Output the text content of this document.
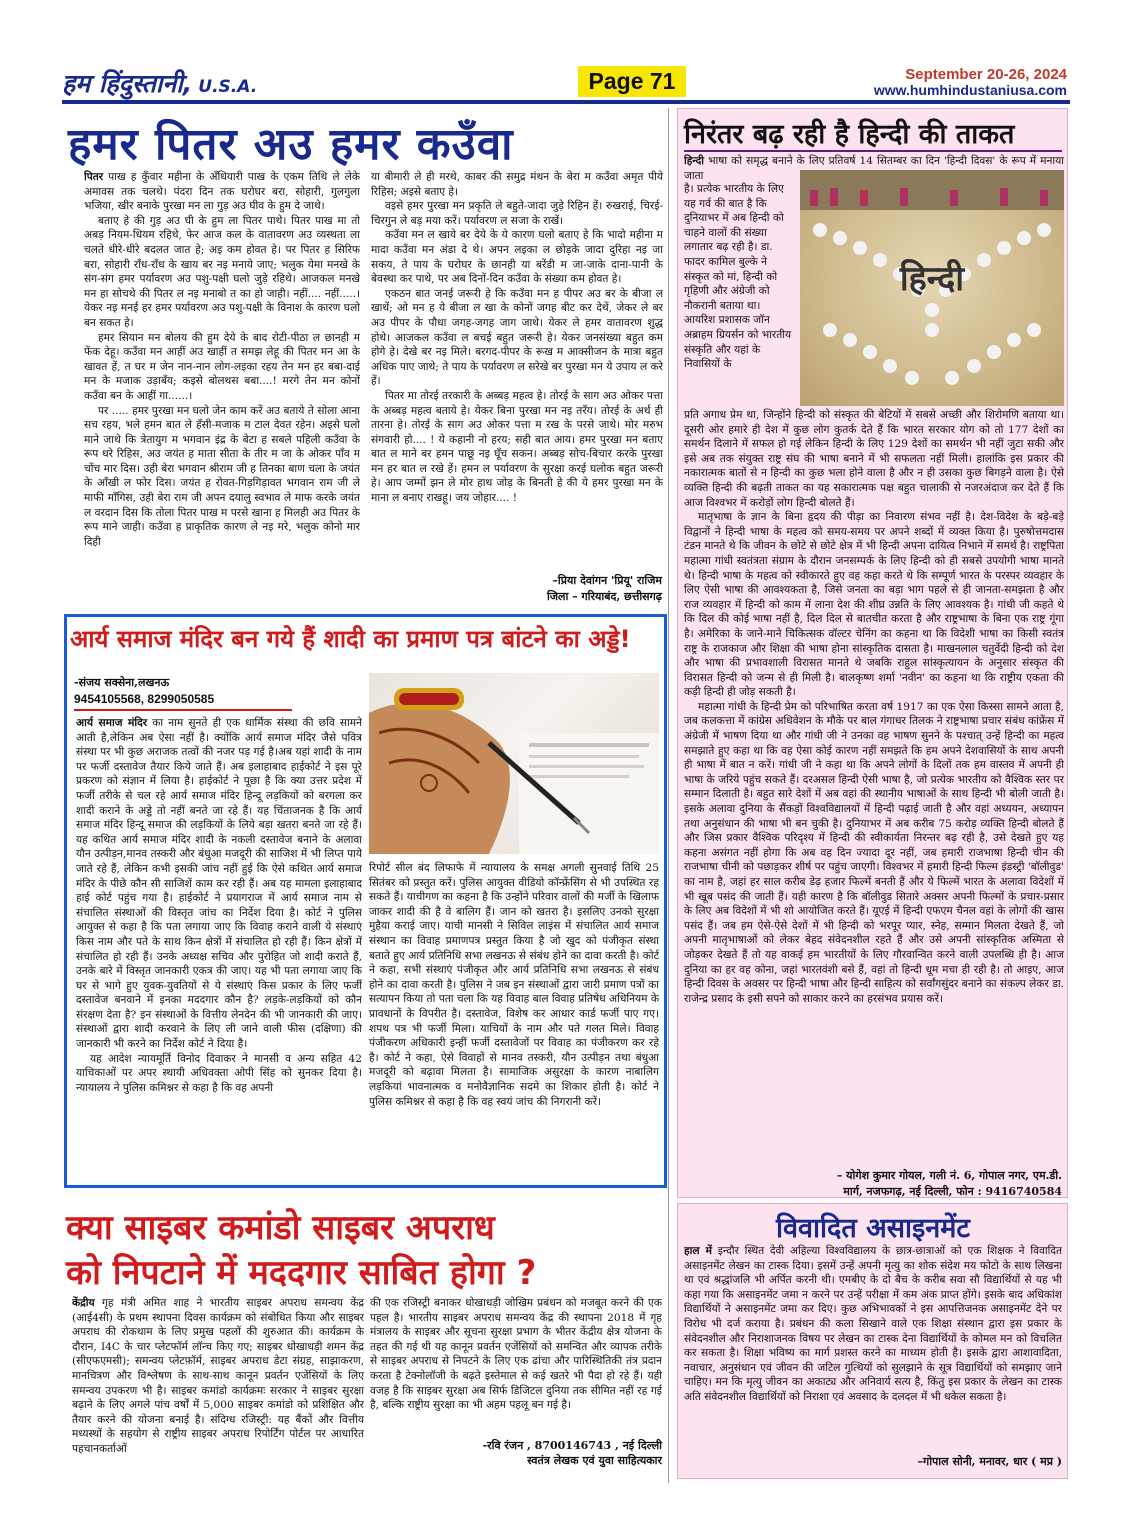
हम हिंदुस्तानी, U.S.A.	Page 71	September 20-26, 2024
www.humhindustaniusa.com
हमर पितर अउ हमर कउँवा

पितर पाख ह कुँवार महीना के अँधियारी पाख के एकम तिथि ले लेके अमावस तक चलथे। पंदरा दिन तक घरोघर बरा, सोहारी, गुलगुला भजिया, खीर बनाके पुरखा मन ला गुड़ अउ घीव के हुम दे जाथे।

बताए हे की गुड़ अउ घी के हुम ला पितर पाथे। पितर पाख मा तो अबड़ नियम-धियम रहिथे, फेर आज कल के वातावरण अउ व्यस्थता ला चलते धीरे-धीरे बदलत जात हे; अइ कम होवत हे। पर पितर ह सिरिफ बरा, सोहारी राँध-राँध के खाय बर नइ मनाये जाए; भलुक येमा मनखे के संग-संग हमर पर्यावरण अउ पशु-पक्षी घलो जुड़े रहिथे। आजकल मनखे मन हा सोचथे की पितर ल नइ मनाबो त का हो जाही। नहीं.... नहीं.....। येकर नइ मनई हर हमर पर्यावरण अउ पशु-पक्षी के विनाश के कारण घलो बन सकत हे।

हमर सियान मन बोलय की हुम देये के बाद रोटी-पीठा ल छानही म फेंक देहू। कउँवा मन आहीं अउ खाहीं त समझ लेहू की पितर मन आ के खावत हें, त घर म जेन नान-नान लोग-लइका रहय तेन मन हर बबा-दाई मन के मजाक उड़ाबँय; कइसे बोलथस बबा....! मरगे तेन मन कोनों कउँवा बन के आहीं गा......।

पर ..... हमर पुरखा मन घलो जेन काम करें अउ बताये ते सोला आना सच रहय, भले हमन बात ले हँसी-मजाक म टाल देवत रहेन। अइसे घलो माने जाथे कि त्रेतायुग म भगवान इंद्र के बेटा ह सबले पहिली कउँवा के रूप धरे रिहिस, अउ जयंत ह माता सीता के तीर म जा के ओकर पाँव म चोंच मार दिस। उही बेरा भगवान श्रीराम जी ह तिनका बाण चला के जयंत के आँखी ल फोर दिस। जयंत ह रोवत-गिड़गिड़ावत भगवान राम जी ले माफी माँगिस, उही बेरा राम जी अपन दयालु स्वभाव ले माफ करके जयंत ल वरदान दिस कि तोला पितर पाख म परसे खाना ह मिलही अउ पितर के रूप माने जाही। कउँवा ह प्राकृतिक कारण ले नइ मरे, भलुक कोनो मार दिही

या बीमारी ले ही मरथे, काबर की समुद्र मंथन के बेरा म कउँवा अमृत पीये रिहिस; अइसे बताए हे।

वइसे हमर पुरखा मन प्रकृति ले बहुते-जादा जुड़े रिहिन हें। रुखराई, चिरई-चिरगुन ले बड़ मया करें। पर्यावरण ल सजा के राखें।

कउँवा मन ल खाये बर देये के ये कारण घलो बताए हे कि भादो महीना म मादा कउँवा मन अंडा दे थे। अपन लइका ल छोड़के जादा दुरिहा नइ जा सकय, ते पाय के घरोघर के छानही या बरेंडी म जा-जाके दाना-पानी के बेवस्था कर पाथे, पर अब दिनों-दिन कउँवा के संख्या कम होवत हे।

एकठन बात जनई जरूरी हे कि कउँवा मन ह पीपर अउ बर के बीजा ल खाथें; ओ मन ह ये बीजा ल खा के कोनों जगह बीट कर देथें, जेकर ले बर अउ पीपर के पौधा जगह-जगह जाग जाथे। येकर ले हमर वातावरण शुद्ध होथे। आजकल कउँवा ल बचई बहुत जरूरी हे। येकर जनसंख्या बहुत कम होगे हे। देखे बर नइ मिले। बरगद-पीपर के रूख म आक्सीजन के मात्रा बहुत अधिक पाए जाथे; ते पाय के पर्यावरण ल सरेखे बर पुरखा मन ये उपाय ल करे हें।

पितर मा तोरई तरकारी के अब्बड़ महत्व हे। तोरई के साग अउ ओकर पत्ता के अब्बड़ महत्व बताये हे। येकर बिना पुरखा मन नइ तरँय। तोरई के अर्थ ही तारना हे। तोरई के साग अउ ओकर पत्ता म रख के परसे जाथे। मोर मरुभ संगवारी हो.... ! ये कहानी नो हरय; सही बात आय। हमर पुरखा मन बताए बात ल माने बर हमन पाछू नइ घूँच सकन। अब्बड़ सोच-बिचार करके पुरखा मन हर बात ल रखे हें। हमन ल पर्यावरण के सुरक्षा करई घलोक बहुत जरूरी हे। आप जम्मों झन ले मोर हाथ जोड़ के बिनती हे की ये हमर पुरखा मन के माना ल बनाए राखहू। जय जोहार.... !

–प्रिया देवांगन 'प्रियू' राजिम
जिला – गरियाबंद, छत्तीसगढ़
आर्य समाज मंदिर बन गये हैं शादी का प्रमाण पत्र बांटने का अड्डे!
-संजय सक्सेना,लखनऊ
9454105568, 8299050585

आर्य समाज मंदिर का नाम सुनते ही एक धार्मिक संस्था की छवि सामने आती है,लेकिन अब ऐसा नहीं है। क्योंकि आर्य समाज मंदिर जैसे पवित्र संस्था पर भी कुछ अराजक तत्वों की नजर पड़ गई है।अब यहां शादी के नाम पर फर्जी दस्तावेज तैयार किये जाते हैं। अब इलाहाबाद हाईकोर्ट ने इस पूरे प्रकरण को संज्ञान में लिया है। हाईकोर्ट ने पूछा है कि क्या उत्तर प्रदेश में फर्जी तरीके से चल रहे आर्य समाज मंदिर हिन्दू लड़कियों को बरगला कर शादी कराने के अड्डे तो नहीं बनते जा रहे हैं। यह चिंताजनक है कि आर्य समाज मंदिर हिन्दू समाज की लड़कियों के लिये बड़ा खतरा बनते जा रहे हैं। यह कथित आर्य समाज मंदिर शादी के नकली दस्तावेज बनाने के अलावा यौन उत्पीड़न,मानव तस्करी और बंधुआ मजदूरी की साजिश में भी लिप्त पाये जाते रहे हैं, लेकिन कभी इसकी जांच नहीं हुई कि ऐसे कथित आर्य समाज मंदिर के पीछे कौन सी साजिशें काम कर रही हैं। अब यह मामला इलाहाबाद हाई कोर्ट पहुंच गया है। हाईकोर्ट ने प्रयागराज में आर्य समाज नाम से संचालित संस्थाओं की विस्तृत जांच का निर्देश दिया है। कोर्ट ने पुलिस आयुक्त से कहा है कि पता लगाया जाए कि विवाह कराने वाली ये संस्थाएं किस नाम और पते के साथ किन क्षेत्रों में संचालित हो रही हैं। किन क्षेत्रों में संचालित हो रही हैं। उनके अध्यक्ष सचिव और पुरोहित जो शादी कराते हैं, उनके बारे में विस्तृत जानकारी एकत्र की जाए। यह भी पता लगाया जाए कि घर से भागे हुए युवक-युवतियों से ये संस्थाएं किस प्रकार के लिए फर्जी दस्तावेज बनवाने में इनका मददगार कौन है? लड़के-लड़कियों को कौन संरक्षण देता है? इन संस्थाओं के वित्तीय लेनदेन की भी जानकारी की जाए। संस्थाओं द्वारा शादी करवाने के लिए ली जाने वाली फीस (दक्षिणा) की जानकारी भी करने का निर्देश कोर्ट ने दिया है।

यह आदेश न्यायमूर्ति विनोद दिवाकर ने मानसी व अन्य सहित 42 याचिकाओं पर अपर स्थायी अधिवक्ता ओपी सिंह को सुनकर दिया है। न्यायालय ने पुलिस कमिश्नर से कहा है कि वह अपनी

रिपोर्ट सील बंद लिफाफे में न्यायालय के समक्ष अगली सुनवाई तिथि 25 सितंबर को प्रस्तुत करें। पुलिस आयुक्त वीडियो कॉन्फ्रेंसिंग से भी उपस्थित रह सकते हैं। याचीगण का कहना है कि उन्होंने परिवार वालों की मर्जी के खिलाफ जाकर शादी की है वे बालिग हैं। जान को खतरा है। इसलिए उनको सुरक्षा मुहैया कराई जाए। याची मानसी ने सिविल लाइंस में संचालित आर्य समाज संस्थान का विवाह प्रमाणपत्र प्रस्तुत किया है जो खुद को पंजीकृत संस्था बताते हुए आर्य प्रतिनिधि सभा लखनऊ से संबंध होने का दावा करती है। कोर्ट ने कहा, सभी संस्थाएं पंजीकृत और आर्य प्रतिनिधि सभा लखनऊ से संबंध होने का दावा करती है। पुलिस ने जब इन संस्थाओं द्वारा जारी प्रमाण पत्रों का सत्यापन किया तो पता चला कि यह विवाह बाल विवाह प्रतिषेध अधिनियम के प्रावधानों के विपरीत है। दस्तावेज, विशेष कर आधार कार्ड फर्जी पाए गए। शपथ पत्र भी फर्जी मिला। याचियों के नाम और पते गलत मिले। विवाह पंजीकरण अधिकारी इन्हीं फर्जी दस्तावेजों पर विवाह का पंजीकरण कर रहे है। कोर्ट ने कहा, ऐसे विवाहों से मानव तस्करी, यौन उत्पीड़न तथा बंधुआ मजदूरी को बढ़ावा मिलता है। सामाजिक असुरक्षा के कारण नाबालिग लड़कियां भावनात्मक व मनोवैज्ञानिक सदमे का शिकार होती है। कोर्ट ने पुलिस कमिश्नर से कहा है कि वह स्वयं जांच की निगरानी करें।

क्या साइबर कमांडो साइबर अपराध
को निपटाने में मददगार साबित होगा ?

केंद्रीय गृह मंत्री अमित शाह ने भारतीय साइबर अपराध समन्वय केंद्र (आई4सी) के प्रथम स्थापना दिवस कार्यक्रम को संबोधित किया और साइबर अपराध की रोकथाम के लिए प्रमुख पहलों की शुरुआत की। कार्यक्रम के दौरान, I4C के चार प्लेटफॉर्म लॉन्च किए गए; साइबर धोखाधड़ी शमन केंद्र (सीएफएमसी); समन्वय प्लेटफ़ॉर्म, साइबर अपराध डेटा संग्रह, साझाकरण, मानचित्रण और विश्लेषण के साथ-साथ कानून प्रवर्तन एजेंसियों के लिए समन्वय उपकरण भी है। साइबर कमांडो कार्यक्रमः सरकार ने साइबर सुरक्षा बढ़ाने के लिए अगले पांच वर्षों में 5,000 साइबर कमांडो को प्रशिक्षित और तैयार करने की योजना बनाई है। संदिग्ध रजिस्ट्री: यह बैंकों और वित्तीय मध्यस्थों के सहयोग से राष्ट्रीय साइबर अपराध रिपोर्टिंग पोर्टल पर आधारित पहचानकर्ताओं

की एक रजिस्ट्री बनाकर धोखाधड़ी जोखिम प्रबंधन को मजबूत करने की एक पहल है। भारतीय साइबर अपराध समन्वय केंद्र की स्थापना 2018 में गृह मंत्रालय के साइबर और सूचना सुरक्षा प्रभाग के भीतर केंद्रीय क्षेत्र योजना के तहत की गई थी यह कानून प्रवर्तन एजेंसियों को समन्वित और व्यापक तरीके से साइबर अपराध से निपटने के लिए एक ढांचा और पारिस्थितिकी तंत्र प्रदान करता है टेक्नोलॉजी के बढ़ते इस्तेमाल से कई खतरे भी पैदा हो रहे हैं। यही वजह है कि साइबर सुरक्षा अब सिर्फ डिजिटल दुनिया तक सीमित नहीं रह गई है, बल्कि राष्ट्रीय सुरक्षा का भी अहम पहलू बन गई है।

-रवि रंजन , 8700146743 , नई दिल्ली
स्वतंत्र लेखक एवं युवा साहित्यकार
निरंतर बढ़ रही है हिन्दी की ताकत

हिन्दी भाषा को समृद्ध बनाने के लिए प्रतिवर्ष 14 सितम्बर का दिन 'हिन्दी दिवस' के रूप में मनाया जाता

है। प्रत्येक भारतीय के लिए यह गर्व की बात है कि दुनियाभर में अब हिन्दी को चाहने वालों की संख्या लगातार बढ़ रही है। डा. फादर कामिल बुल्के ने संस्कृत को मां, हिन्दी को गृहिणी और अंग्रेजी को नौकरानी बताया था। आयरिश प्रशासक जॉन अब्राहम ग्रियर्सन को भारतीय संस्कृति और यहां के निवासियों के

हिन्दी

प्रति अगाध प्रेम था, जिन्होंने हिन्दी को संस्कृत की बेटियों में सबसे अच्छी और शिरोमणि बताया था। दूसरी ओर हमारे ही देश में कुछ लोग कुतर्क देते हैं कि भारत सरकार योग को तो 177 देशों का समर्थन दिलाने में सफल हो गई लेकिन हिन्दी के लिए 129 देशों का समर्थन भी नहीं जुटा सकी और इसे अब तक संयुक्त राष्ट्र संघ की भाषा बनाने में भी सफलता नहीं मिली। हालांकि इस प्रकार की नकारात्मक बातों से न हिन्दी का कुछ भला होने वाला है और न ही उसका कुछ बिगड़ने वाला है। ऐसे व्यक्ति हिन्दी की बढ़ती ताकत का यह सकारात्मक पक्ष बहुत चालाकी से नजरअंदाज कर देते हैं कि आज विश्वभर में करोड़ों लोग हिन्दी बोलते हैं।

मातृभाषा के ज्ञान के बिना हृदय की पीड़ा का निवारण संभव नहीं है। देश-विदेश के बड़े-बड़े विद्वानों ने हिन्दी भाषा के महत्व को समय-समय पर अपने शब्दों में व्यक्त किया है। पुरुषोत्तमदास टंडन मानते थे कि जीवन के छोटे से छोटे क्षेत्र में भी हिन्दी अपना दायित्व निभाने में समर्थ है। राष्ट्रपिता महात्मा गांधी स्वतंत्रता संग्राम के दौरान जनसम्पर्क के लिए हिन्दी को ही सबसे उपयोगी भाषा मानते थे। हिन्दी भाषा के महत्व को स्वीकारते हुए वह कहा करते थे कि सम्पूर्ण भारत के परस्पर व्यवहार के लिए ऐसी भाषा की आवश्यकता है, जिसे जनता का बड़ा भाग पहले से ही जानता-समझता है और राज व्यवहार में हिन्दी को काम में लाना देश की शीघ्र उन्नति के लिए आवश्यक है। गांधी जी कहते थे कि दिल की कोई भाषा नहीं है, दिल दिल से बातचीत करता है और राष्ट्रभाषा के बिना एक राष्ट्र गूंगा है। अमेरिका के जाने-माने चिकित्सक वॉल्टर चेनिंग का कहना था कि विदेशी भाषा का किसी स्वतंत्र राष्ट्र के राजकाज और शिक्षा की भाषा होना सांस्कृतिक दासता है। माखनलाल चतुर्वेदी हिन्दी को देश और भाषा की प्रभावशाली विरासत मानते थे जबकि राहुल सांस्कृत्यायन के अनुसार संस्कृत की विरासत हिन्दी को जन्म से ही मिली है। बालकृष्ण शर्मा 'नवीन' का कहना था कि राष्ट्रीय एकता की कड़ी हिन्दी ही जोड़ सकती है।

महात्मा गांधी के हिन्दी प्रेम को परिभाषित करता वर्ष 1917 का एक ऐसा किस्सा सामने आता है, जब कलकत्ता में कांग्रेस अधिवेशन के मौके पर बाल गंगाधर तिलक ने राष्ट्रभाषा प्रचार संबंध कांफ्रेंस में अंग्रेजी में भाषण दिया था और गांधी जी ने उनका वह भाषण सुनने के पश्चात् उन्हें हिन्दी का महत्व समझाते हुए कहा था कि वह ऐसा कोई कारण नहीं समझते कि हम अपने देशवासियों के साथ अपनी ही भाषा में बात न करें। गांधी जी ने कहा था कि अपने लोगों के दिलों तक हम वास्तव में अपनी ही भाषा के जरिये पहुंच सकते हैं। दरअसल हिन्दी ऐसी भाषा है, जो प्रत्येक भारतीय को वैश्विक स्तर पर सम्मान दिलाती है। बहुत सारे देशों में अब वहां की स्थानीय भाषाओं के साथ हिन्दी भी बोली जाती है। इसके अलावा दुनिया के सैंकड़ों विश्वविद्यालयों में हिन्दी पढ़ाई जाती है और वहां अध्ययन, अध्यापन तथा अनुसंधान की भाषा भी बन चुकी है। दुनियाभर में अब करीब 75 करोड़ व्यक्ति हिन्दी बोलते हैं और जिस प्रकार वैश्विक परिदृश्य में हिन्दी की स्वीकार्यता निरन्तर बढ़ रही है, उसे देखते हुए यह कहना असंगत नहीं होगा कि अब वह दिन ज्यादा दूर नहीं, जब हमारी राजभाषा हिन्दी चीन की राजभाषा चीनी को पछाड़कर शीर्ष पर पहुंच जाएगी। विश्वभर में हमारी हिन्दी फिल्म इंडस्ट्री 'बॉलीवुड' का नाम है, जहां हर साल करीब डेढ़ हजार फिल्में बनती हैं और ये फिल्में भारत के अलावा विदेशों में भी खूब पसंद की जाती हैं। यही कारण है कि बॉलीवुड सितारे अक्सर अपनी फिल्मों के प्रचार-प्रसार के लिए अब विदेशों में भी शो आयोजित करते हैं। यूएई में हिन्दी एफएम चैनल वहां के लोगों की खास पसंद हैं। जब हम ऐसे-ऐसे देशों में भी हिन्दी को भरपूर प्यार, स्नेह, सम्मान मिलता देखते हैं, जो अपनी मातृभाषाओं को लेकर बेहद संवेदनशील रहते हैं और उसे अपनी सांस्कृतिक अस्मिता से जोड़कर देखते हैं तो यह वाकई हम भारतीयों के लिए गौरवान्वित करने वाली उपलब्धि ही है। आज दुनिया का हर वह कोना, जहां भारतवंशी बसे हैं, वहां तो हिन्दी धूम मचा ही रही है। तो आइए, आज हिन्दी दिवस के अवसर पर हिन्दी भाषा और हिन्दी साहित्य को सर्वांगसुंदर बनाने का संकल्प लेकर डा. राजेन्द्र प्रसाद के इसी सपने को साकार करने का हरसंभव प्रयास करें।

– योगेश कुमार गोयल, गली नं. 6, गोपाल नगर, एम.डी.
मार्ग, नजफगढ़, नई दिल्ली, फोन : 9416740584
विवादित असाइनमेंट

हाल में इन्दौर स्थित देवी अहिल्या विश्वविद्यालय के छात्र-छात्राओं को एक शिक्षक ने विवादित असाइनमेंट लेखन का टास्क दिया। इसमें उन्हें अपनी मृत्यु का शोक संदेश मय फोटो के साथ लिखना था एवं श्रद्धांजलि भी अर्पित करनी थी। एमबीए के दो बैच के करीब सवा सौ विद्यार्थियों से यह भी कहा गया कि असाइनमेंट जमा न करने पर उन्हें परीक्षा में कम अंक प्राप्त होंगे। इसके बाद अधिकांश विद्यार्थियों ने असाइनमेंट जमा कर दिए। कुछ अभिभावकों ने इस आपत्तिजनक असाइनमेंट देने पर विरोध भी दर्ज कराया है। प्रबंधन की कला सिखाने वाले एक शिक्षा संस्थान द्वारा इस प्रकार के संवेदनशील और निराशाजनक विषय पर लेखन का टास्क देना विद्यार्थियों के कोमल मन को विचलित कर सकता है। शिक्षा भविष्य का मार्ग प्रशस्त करने का माध्यम होती है। इसके द्वारा आशावादिता, नवाचार, अनुसंधान एवं जीवन की जटिल गुत्थियों को सुलझाने के सूत्र विद्यार्थियों को समझाए जाने चाहिए। मन कि मृत्यु जीवन का अकाट्य और अनिवार्य सत्य है, किंतु इस प्रकार के लेखन का टास्क अति संवेदनशील विद्यार्थियों को निराशा एवं अवसाद के दलदल में भी धकेल सकता है।

–गोपाल सोनी, मनावर, धार ( मप्र )
